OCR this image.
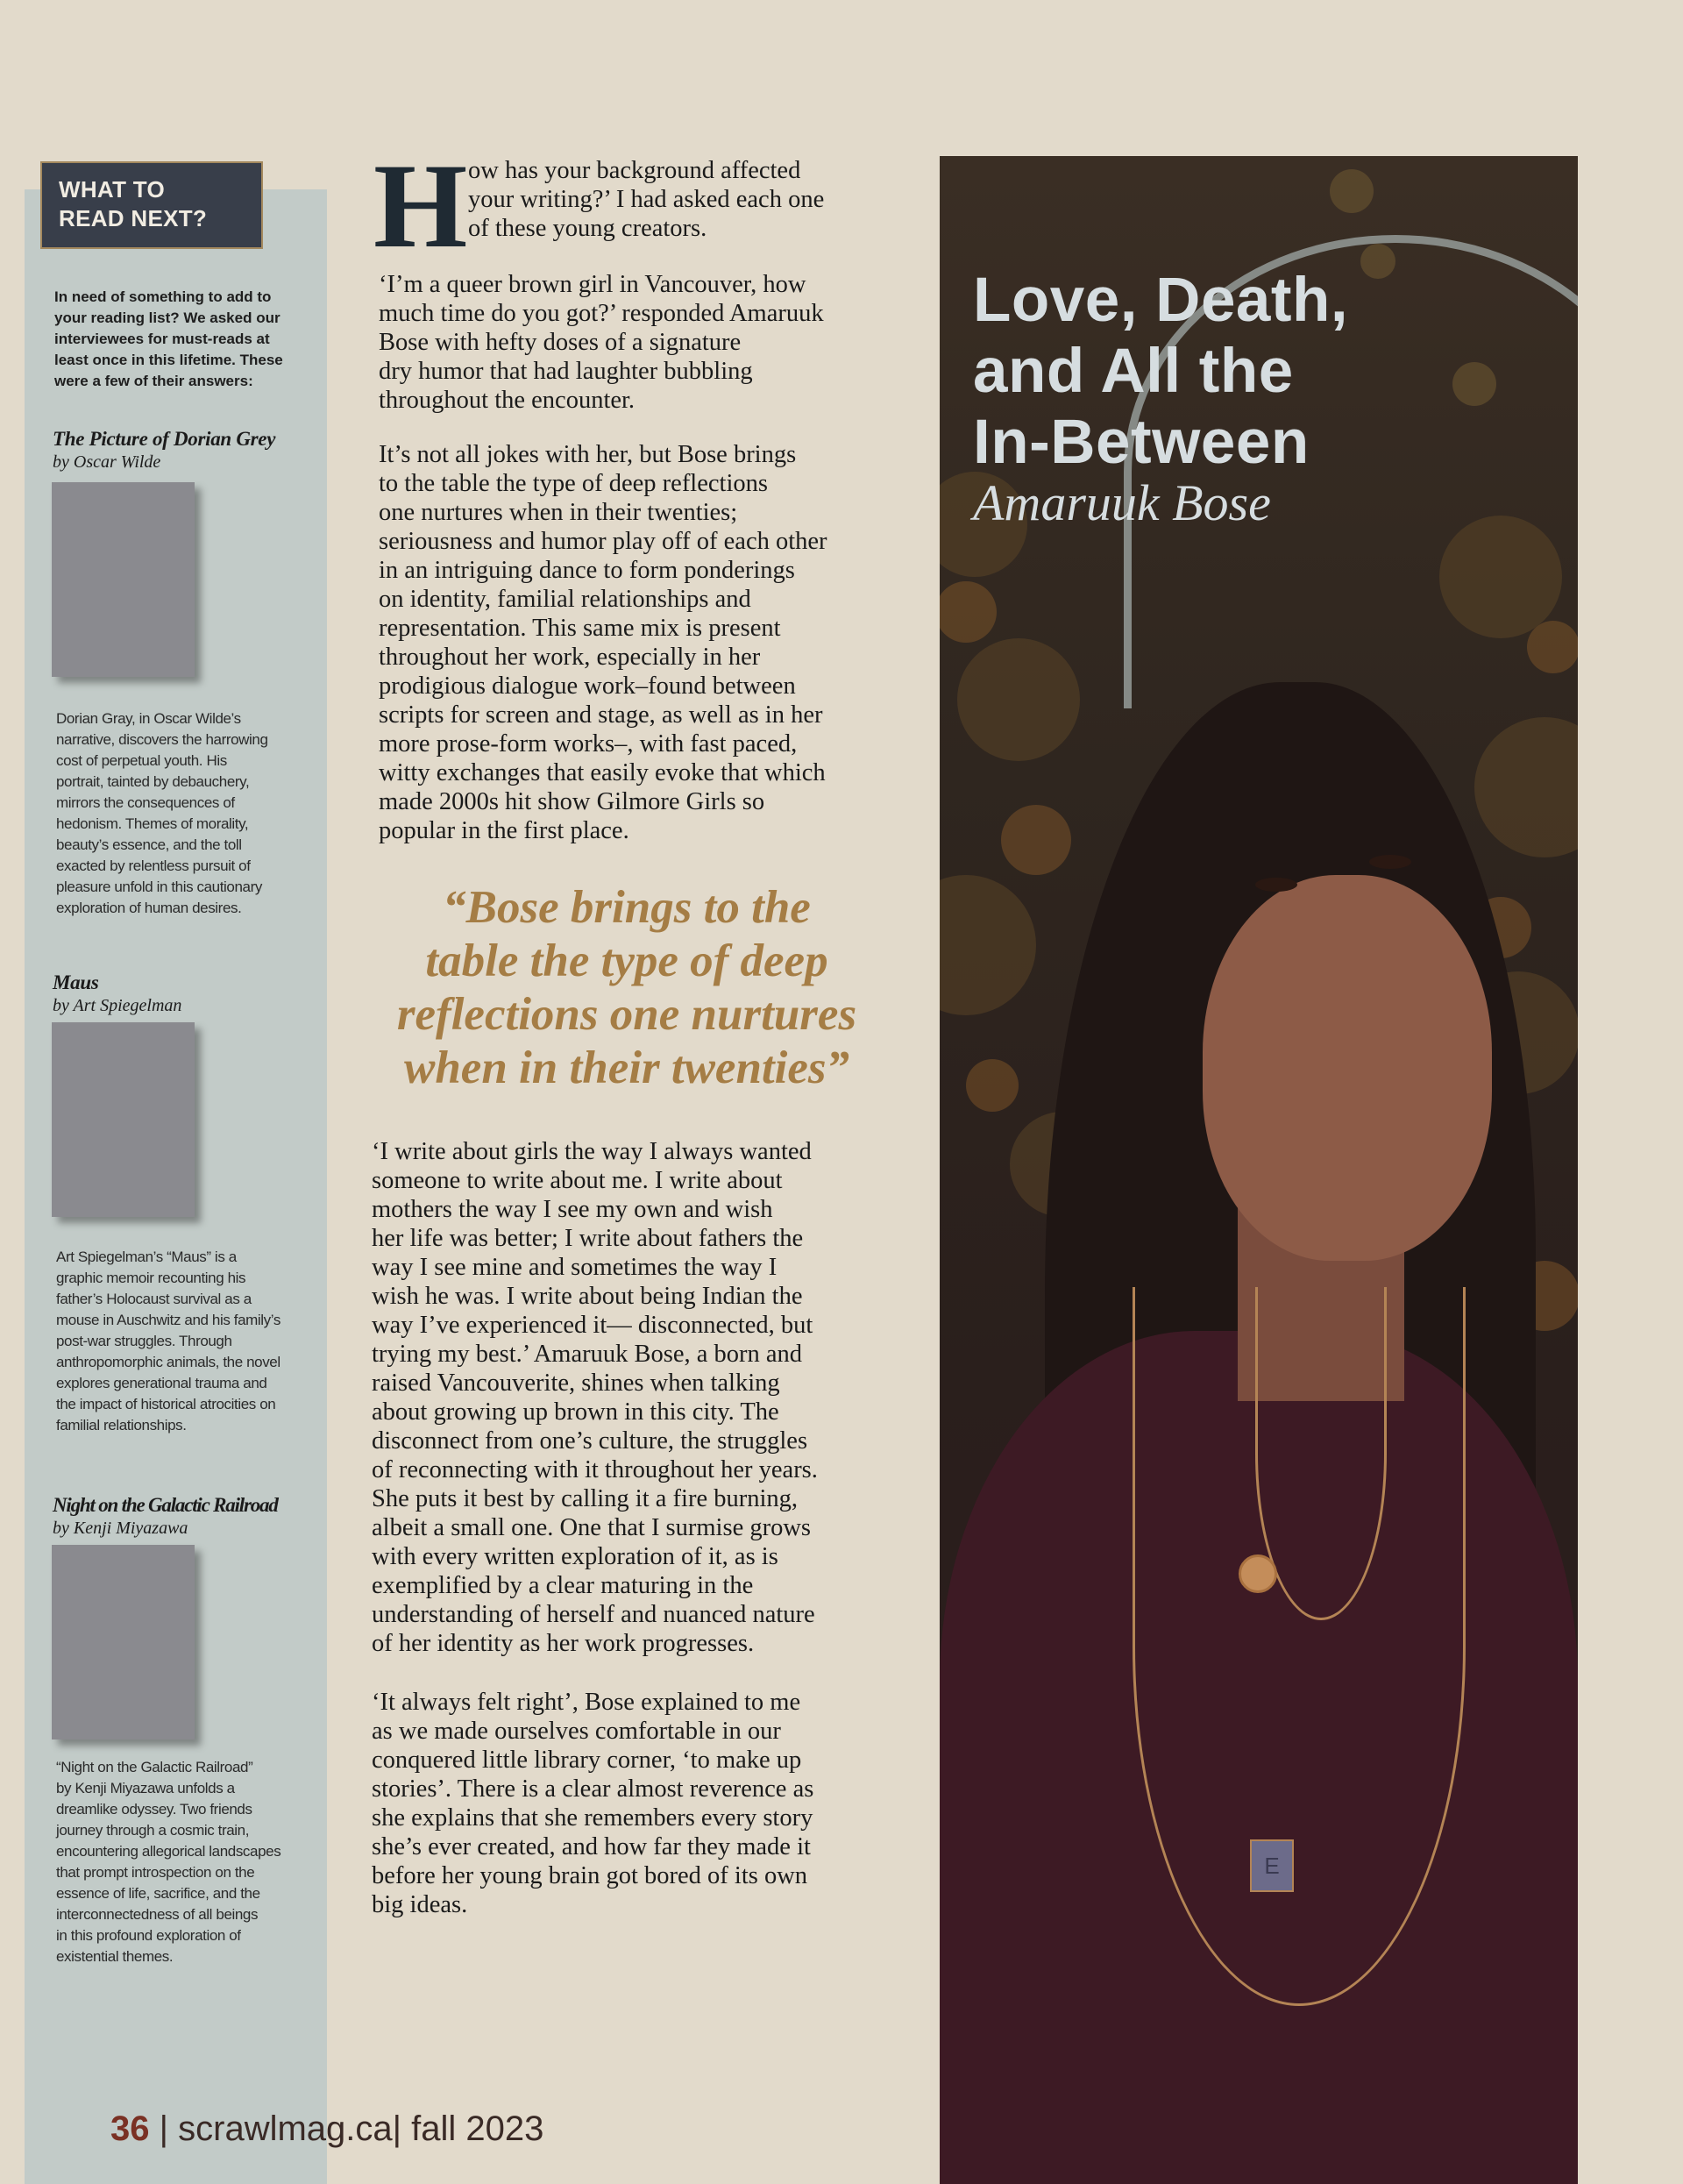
WHAT TO
READ NEXT?
In need of something to add to
your reading list? We asked our
interviewees for must-reads at
least once in this lifetime. These
were a few of their answers:
The Picture of Dorian Grey
by Oscar Wilde
Dorian Gray, in Oscar Wilde’s
narrative, discovers the harrowing
cost of perpetual youth. His
portrait, tainted by debauchery,
mirrors the consequences of
hedonism. Themes of morality,
beauty’s essence, and the toll
exacted by relentless pursuit of
pleasure unfold in this cautionary
exploration of human desires.
Maus
by Art Spiegelman
Art Spiegelman’s “Maus” is a
graphic memoir recounting his
father’s Holocaust survival as a
mouse in Auschwitz and his family’s
post-war struggles. Through
anthropomorphic animals, the novel
explores generational trauma and
the impact of historical atrocities on
familial relationships.
Night on the Galactic Railroad
by Kenji Miyazawa
“Night on the Galactic Railroad”
by Kenji Miyazawa unfolds a
dreamlike odyssey. Two friends
journey through a cosmic train,
encountering allegorical landscapes
that prompt introspection on the
essence of life, sacrifice, and the
interconnectedness of all beings
in this profound exploration of
existential themes.
H ow has your background affected
your writing?’ I had asked each one
of these young creators.
‘I’m a queer brown girl in Vancouver, how
much time do you got?’ responded Amaruuk
Bose with hefty doses of a signature
dry humor that had laughter bubbling
throughout the encounter.
It’s not all jokes with her, but Bose brings
to the table the type of deep reflections
one nurtures when in their twenties;
seriousness and humor play off of each other
in an intriguing dance to form ponderings
on identity, familial relationships and
representation. This same mix is present
throughout her work, especially in her
prodigious dialogue work–found between
scripts for screen and stage, as well as in her
more prose-form works–, with fast paced,
witty exchanges that easily evoke that which
made 2000s hit show Gilmore Girls so
popular in the first place.
“Bose brings to the
table the type of deep
reflections one nurtures
when in their twenties”
‘I write about girls the way I always wanted
someone to write about me. I write about
mothers the way I see my own and wish
her life was better; I write about fathers the
way I see mine and sometimes the way I
wish he was. I write about being Indian the
way I’ve experienced it— disconnected, but
trying my best.’ Amaruuk Bose, a born and
raised Vancouverite, shines when talking
about growing up brown in this city. The
disconnect from one’s culture, the struggles
of reconnecting with it throughout her years.
She puts it best by calling it a fire burning,
albeit a small one. One that I surmise grows
with every written exploration of it, as is
exemplified by a clear maturing in the
understanding of herself and nuanced nature
of her identity as her work progresses.
‘It always felt right’, Bose explained to me
as we made ourselves comfortable in our
conquered little library corner, ‘to make up
stories’. There is a clear almost reverence as
she explains that she remembers every story
she’s ever created, and how far they made it
before her young brain got bored of its own
big ideas.
E
Love, Death,
and All the
In-Between
Amaruuk Bose
36 | scrawlmag.ca| fall 2023
